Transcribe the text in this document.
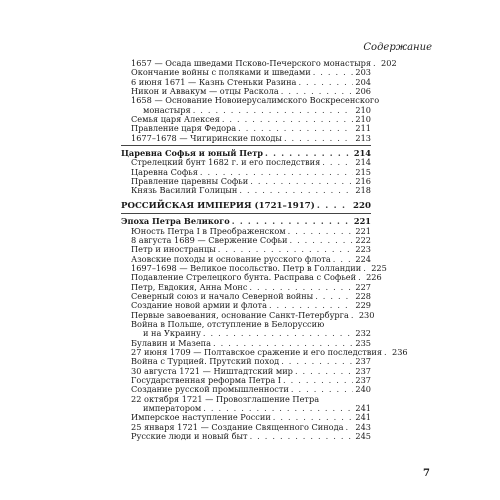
Содержание
1657 — Осада шведами Псково-Печерского монастыря . . . 202
Окончание войны с поляками и шведами . . .	203
6 июня 1671 — Казнь Стеньки Разина . . .	204
Никон и Аввакум — отцы Раскола . . .	206
1658 — Основание Новоиерусалимского Воскресенского
монастыря . . .	210
Семья царя Алексея . . .	210
Правление царя Федора . . .	211
1677–1678 — Чигиринские походы . . .	213
Царевна Софья и юный Петр . . .	214
Стрелецкий бунт 1682 г. и его последствия . . .	214
Царевна Софья . . .	215
Правление царевны Софьи . . .	216
Князь Василий Голицын . . .	218
РОССИЙСКАЯ ИМПЕРИЯ (1721–1917) . . .	220
Эпоха Петра Великого . . .	221
Юность Петра I в Преображенском . . .	221
8 августа 1689 — Свержение Софьи . . .	222
Петр и иностранцы . . .	223
Азовские походы и основание русского флота . . .	224
1697–1698 — Великое посольство. Петр в Голландии . . . 225
Подавление Стрелецкого бунта. Расправа с Софьей . . . 226
Петр, Евдокия, Анна Монс . . .	227
Северный союз и начало Северной войны . . .	228
Создание новой армии и флота . . .	229
Первые завоевания, основание Санкт-Петербурга . . . 230
Война в Польше, отступление в Белоруссию
и на Украину . . .	232
Булавин и Мазепа . . .	235
27 июня 1709 — Полтавское сражение и его последствия . . . 236
Война с Турцией. Прутский поход . . .	237
30 августа 1721 — Ништадтский мир . . .	237
Государственная реформа Петра I . . .	237
Создание русской промышленности . . .	240
22 октября 1721 — Провозглашение Петра
императором . . .	241
Имперское наступление России . . .	241
25 января 1721 — Создание Священного Синода . . . 243
Русские люди и новый быт . . .	245
7
